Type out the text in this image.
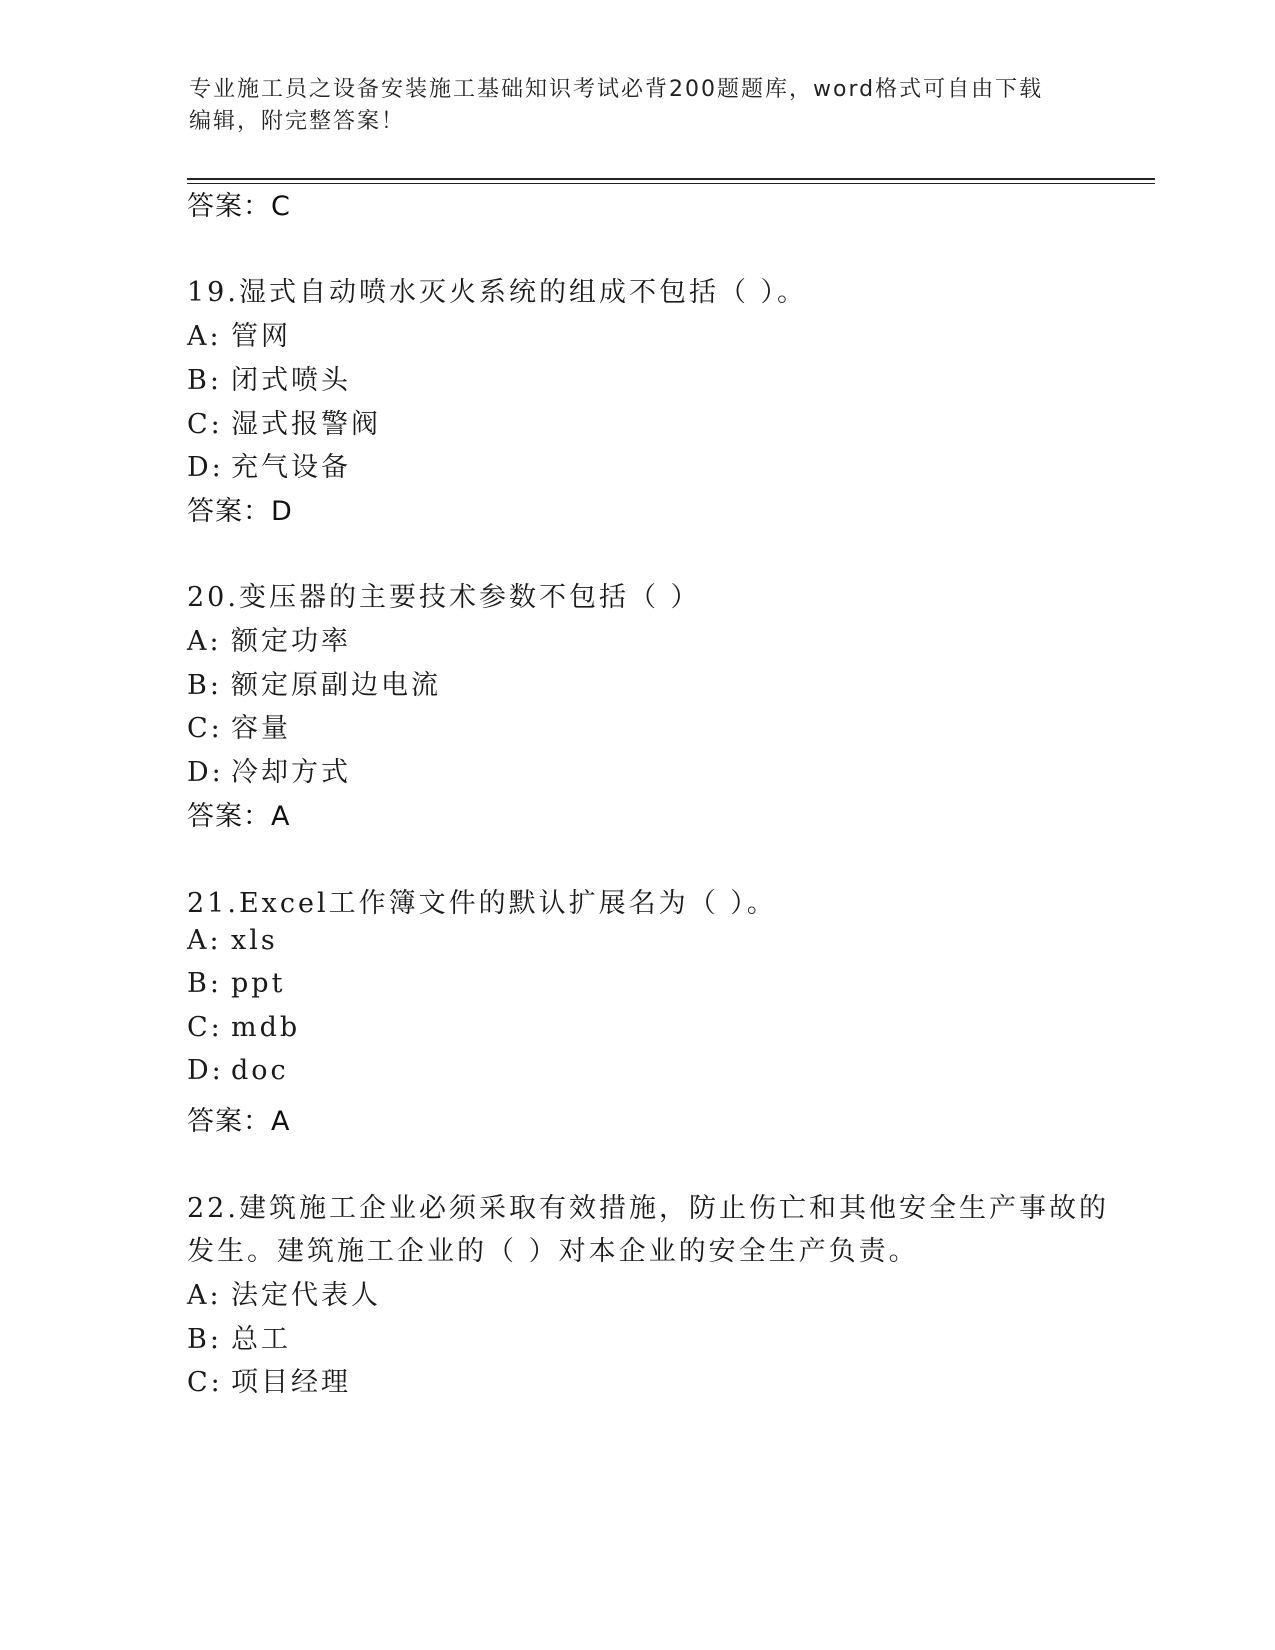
专业施工员之设备安装施工基础知识考试必背200题题库，word格式可自由下载
编辑，附完整答案！
答案：C
19.湿式自动喷水灭火系统的组成不包括（ ）。
A: 管网
B: 闭式喷头
C: 湿式报警阀
D: 充气设备
答案：D
20.变压器的主要技术参数不包括（ ）
A: 额定功率
B: 额定原副边电流
C: 容量
D: 冷却方式
答案：A
21.Excel工作簿文件的默认扩展名为（ ）。
A: xls
B: ppt
C: mdb
D: doc
答案：A
22.建筑施工企业必须采取有效措施，防止伤亡和其他安全生产事故的
发生。建筑施工企业的（ ）对本企业的安全生产负责。
A: 法定代表人
B: 总工
C: 项目经理
